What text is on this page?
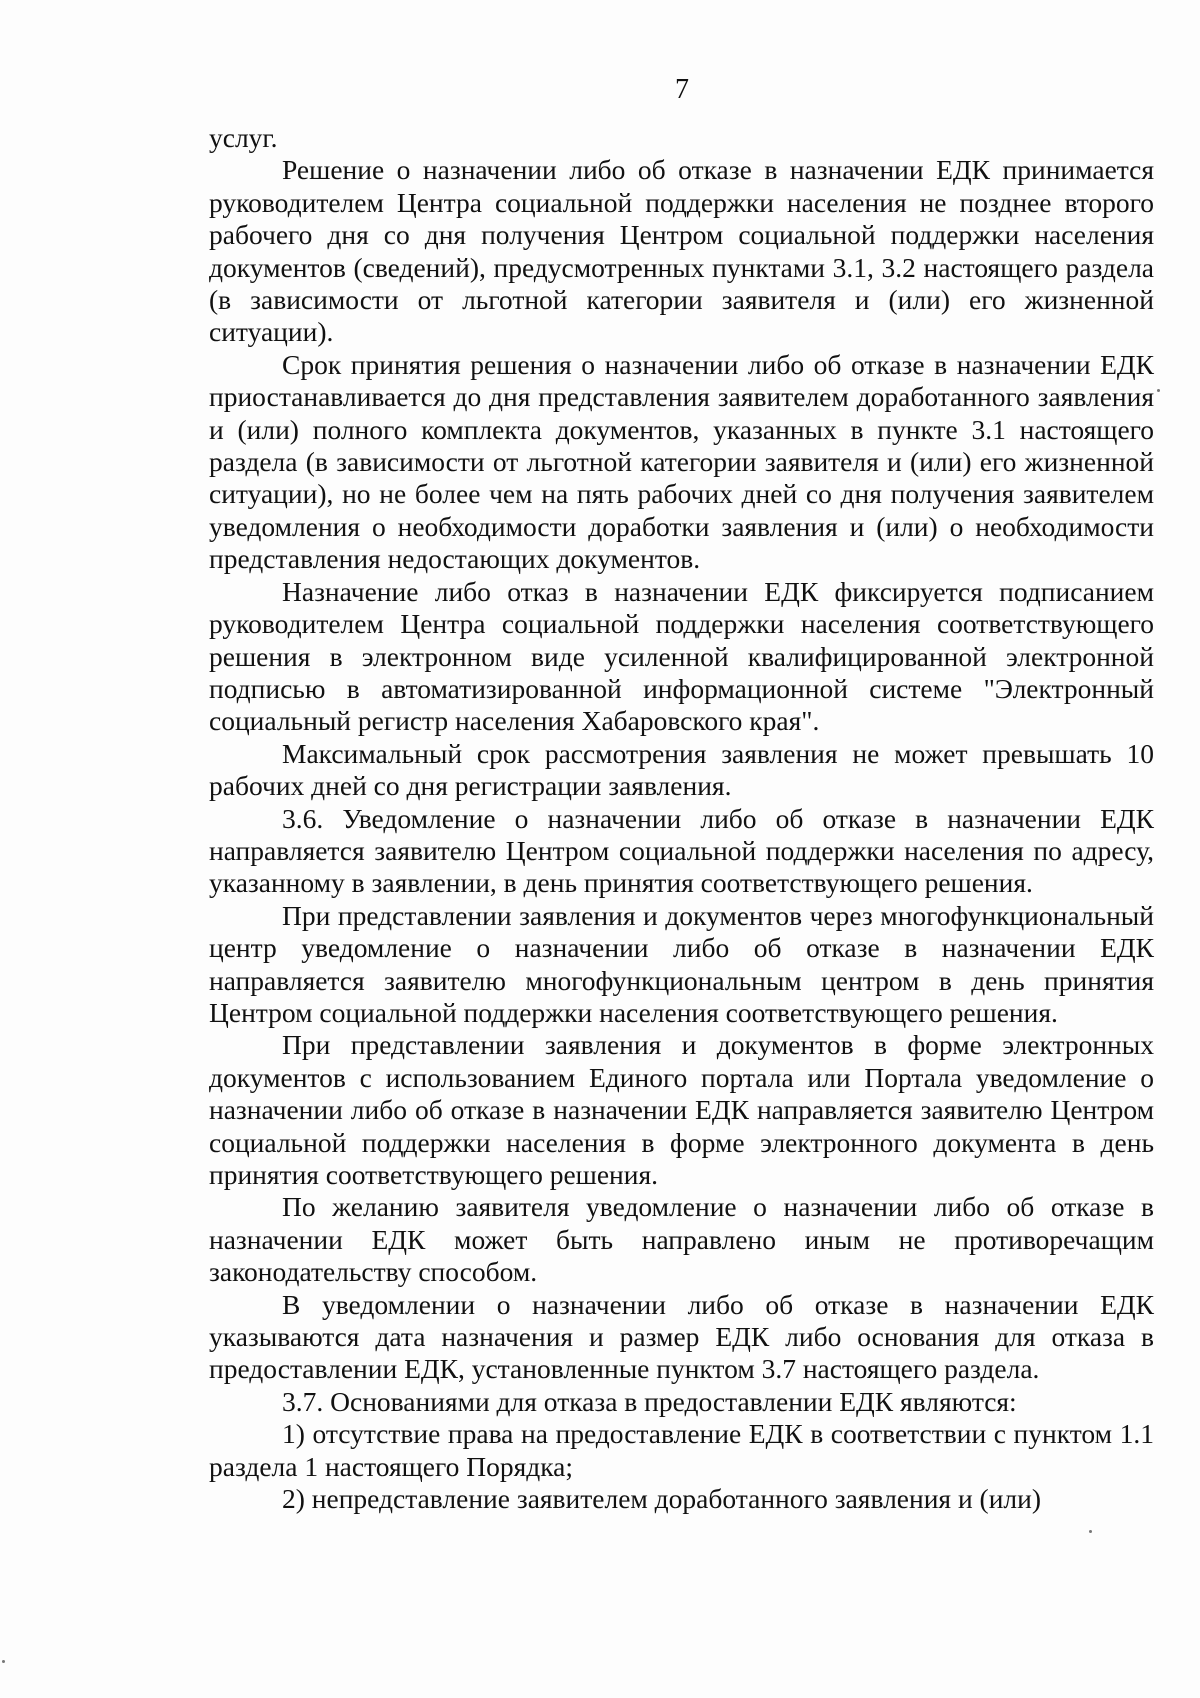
7

услуг.

Решение о назначении либо об отказе в назначении ЕДК принимается руководителем Центра социальной поддержки населения не позднее второго рабочего дня со дня получения Центром социальной поддержки населения документов (сведений), предусмотренных пунктами 3.1, 3.2 настоящего раздела (в зависимости от льготной категории заявителя и (или) его жизненной ситуации).

Срок принятия решения о назначении либо об отказе в назначении ЕДК приостанавливается до дня представления заявителем доработанного заявления и (или) полного комплекта документов, указанных в пункте 3.1 настоящего раздела (в зависимости от льготной категории заявителя и (или) его жизненной ситуации), но не более чем на пять рабочих дней со дня получения заявителем уведомления о необходимости доработки заявления и (или) о необходимости представления недостающих документов.

Назначение либо отказ в назначении ЕДК фиксируется подписанием руководителем Центра социальной поддержки населения соответствующего решения в электронном виде усиленной квалифицированной электронной подписью в автоматизированной информационной системе "Электронный социальный регистр населения Хабаровского края".

Максимальный срок рассмотрения заявления не может превышать 10 рабочих дней со дня регистрации заявления.

3.6. Уведомление о назначении либо об отказе в назначении ЕДК направляется заявителю Центром социальной поддержки населения по адресу, указанному в заявлении, в день принятия соответствующего решения.

При представлении заявления и документов через многофункциональный центр уведомление о назначении либо об отказе в назначении ЕДК направляется заявителю многофункциональным центром в день принятия Центром социальной поддержки населения соответствующего решения.

При представлении заявления и документов в форме электронных документов с использованием Единого портала или Портала уведомление о назначении либо об отказе в назначении ЕДК направляется заявителю Центром социальной поддержки населения в форме электронного документа в день принятия соответствующего решения.

По желанию заявителя уведомление о назначении либо об отказе в назначении ЕДК может быть направлено иным не противоречащим законодательству способом.

В уведомлении о назначении либо об отказе в назначении ЕДК указываются дата назначения и размер ЕДК либо основания для отказа в предоставлении ЕДК, установленные пунктом 3.7 настоящего раздела.

3.7. Основаниями для отказа в предоставлении ЕДК являются:

1) отсутствие права на предоставление ЕДК в соответствии с пунктом 1.1 раздела 1 настоящего Порядка;

2) непредставление заявителем доработанного заявления и (или)
